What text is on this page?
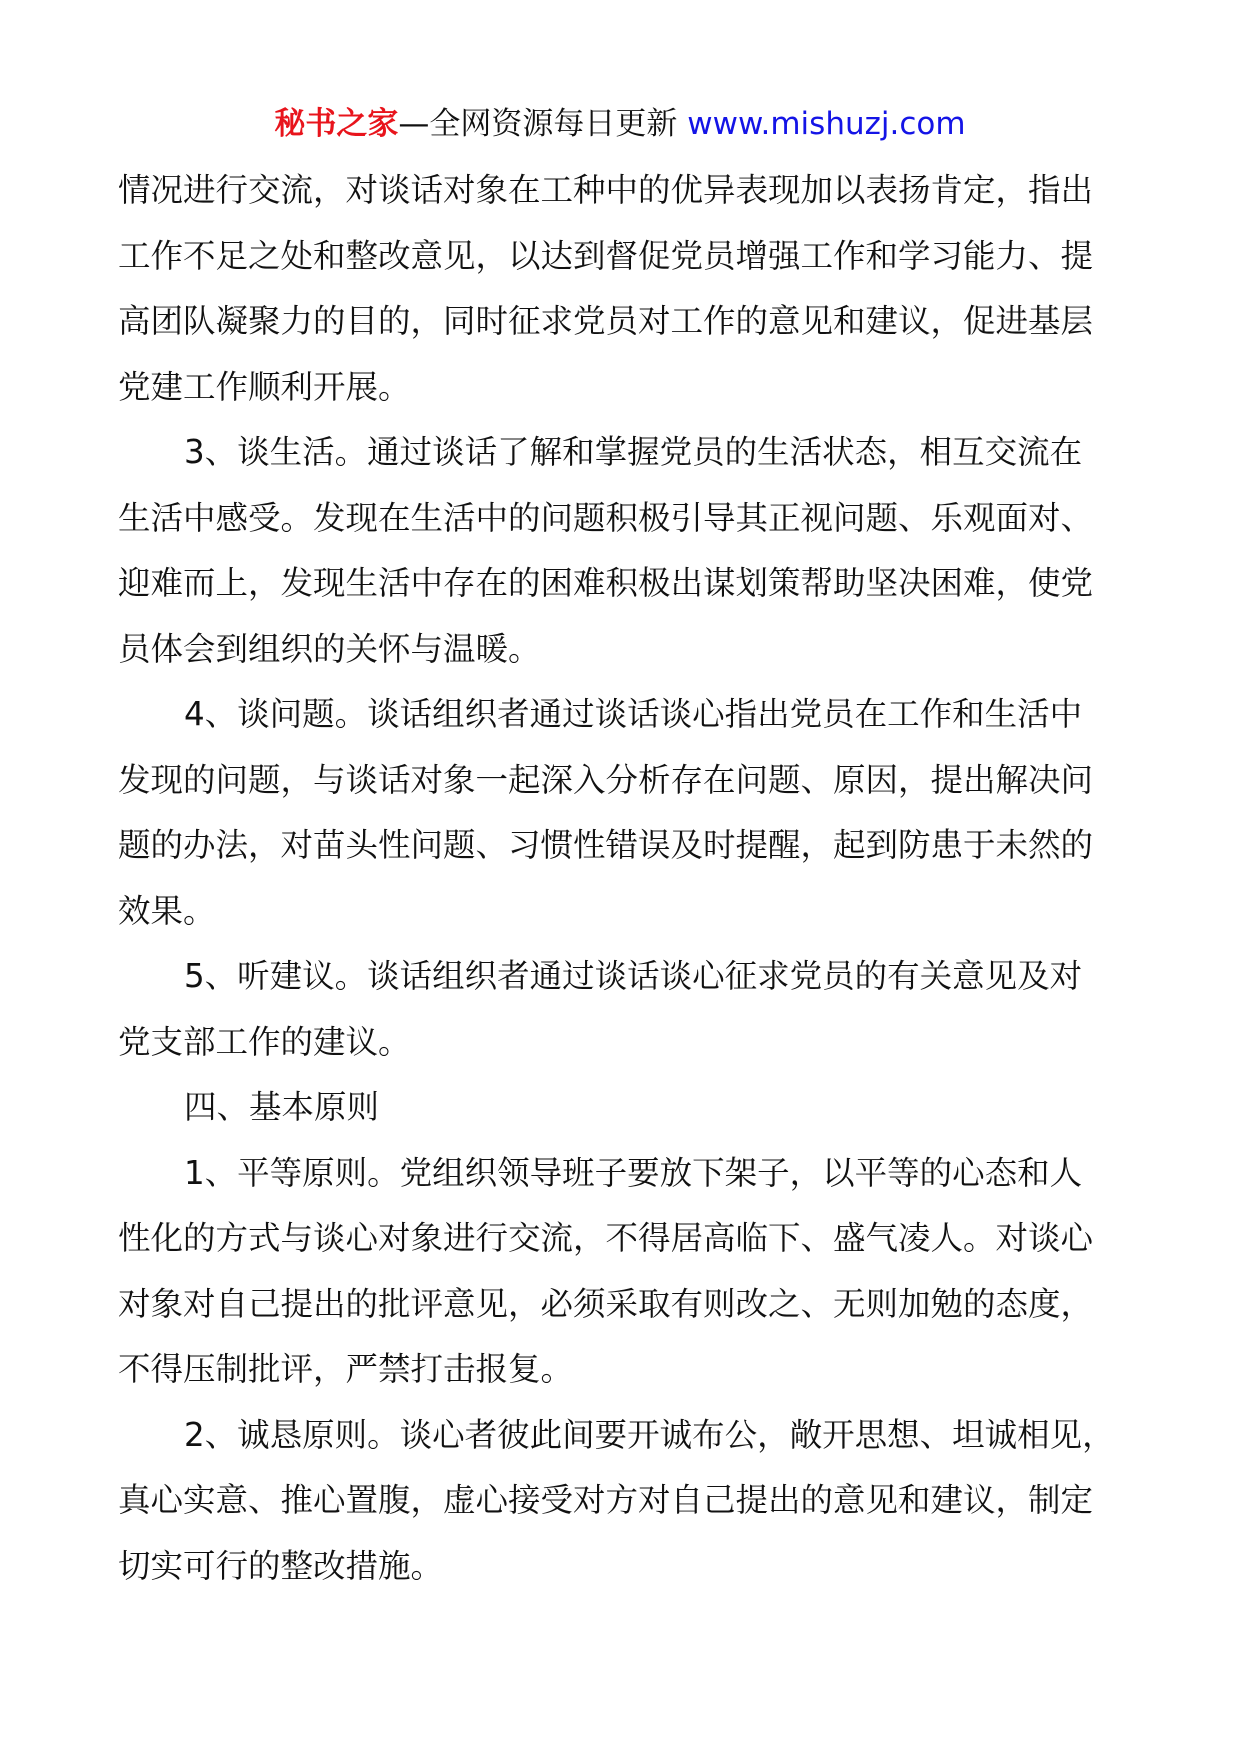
秘书之家—全网资源每日更新 www.mishuzj.com
情况进行交流，对谈话对象在工种中的优异表现加以表扬肯定，指出
工作不足之处和整改意见，以达到督促党员增强工作和学习能力、提
高团队凝聚力的目的，同时征求党员对工作的意见和建议，促进基层
党建工作顺利开展。
3、谈生活。通过谈话了解和掌握党员的生活状态，相互交流在
生活中感受。发现在生活中的问题积极引导其正视问题、乐观面对、
迎难而上，发现生活中存在的困难积极出谋划策帮助坚决困难，使党
员体会到组织的关怀与温暖。
4、谈问题。谈话组织者通过谈话谈心指出党员在工作和生活中
发现的问题，与谈话对象一起深入分析存在问题、原因，提出解决问
题的办法，对苗头性问题、习惯性错误及时提醒，起到防患于未然的
效果。
5、听建议。谈话组织者通过谈话谈心征求党员的有关意见及对
党支部工作的建议。
四、基本原则
1、平等原则。党组织领导班子要放下架子，以平等的心态和人
性化的方式与谈心对象进行交流，不得居高临下、盛气凌人。对谈心
对象对自己提出的批评意见，必须采取有则改之、无则加勉的态度，
不得压制批评，严禁打击报复。
2、诚恳原则。谈心者彼此间要开诚布公，敞开思想、坦诚相见，
真心实意、推心置腹，虚心接受对方对自己提出的意见和建议，制定
切实可行的整改措施。
